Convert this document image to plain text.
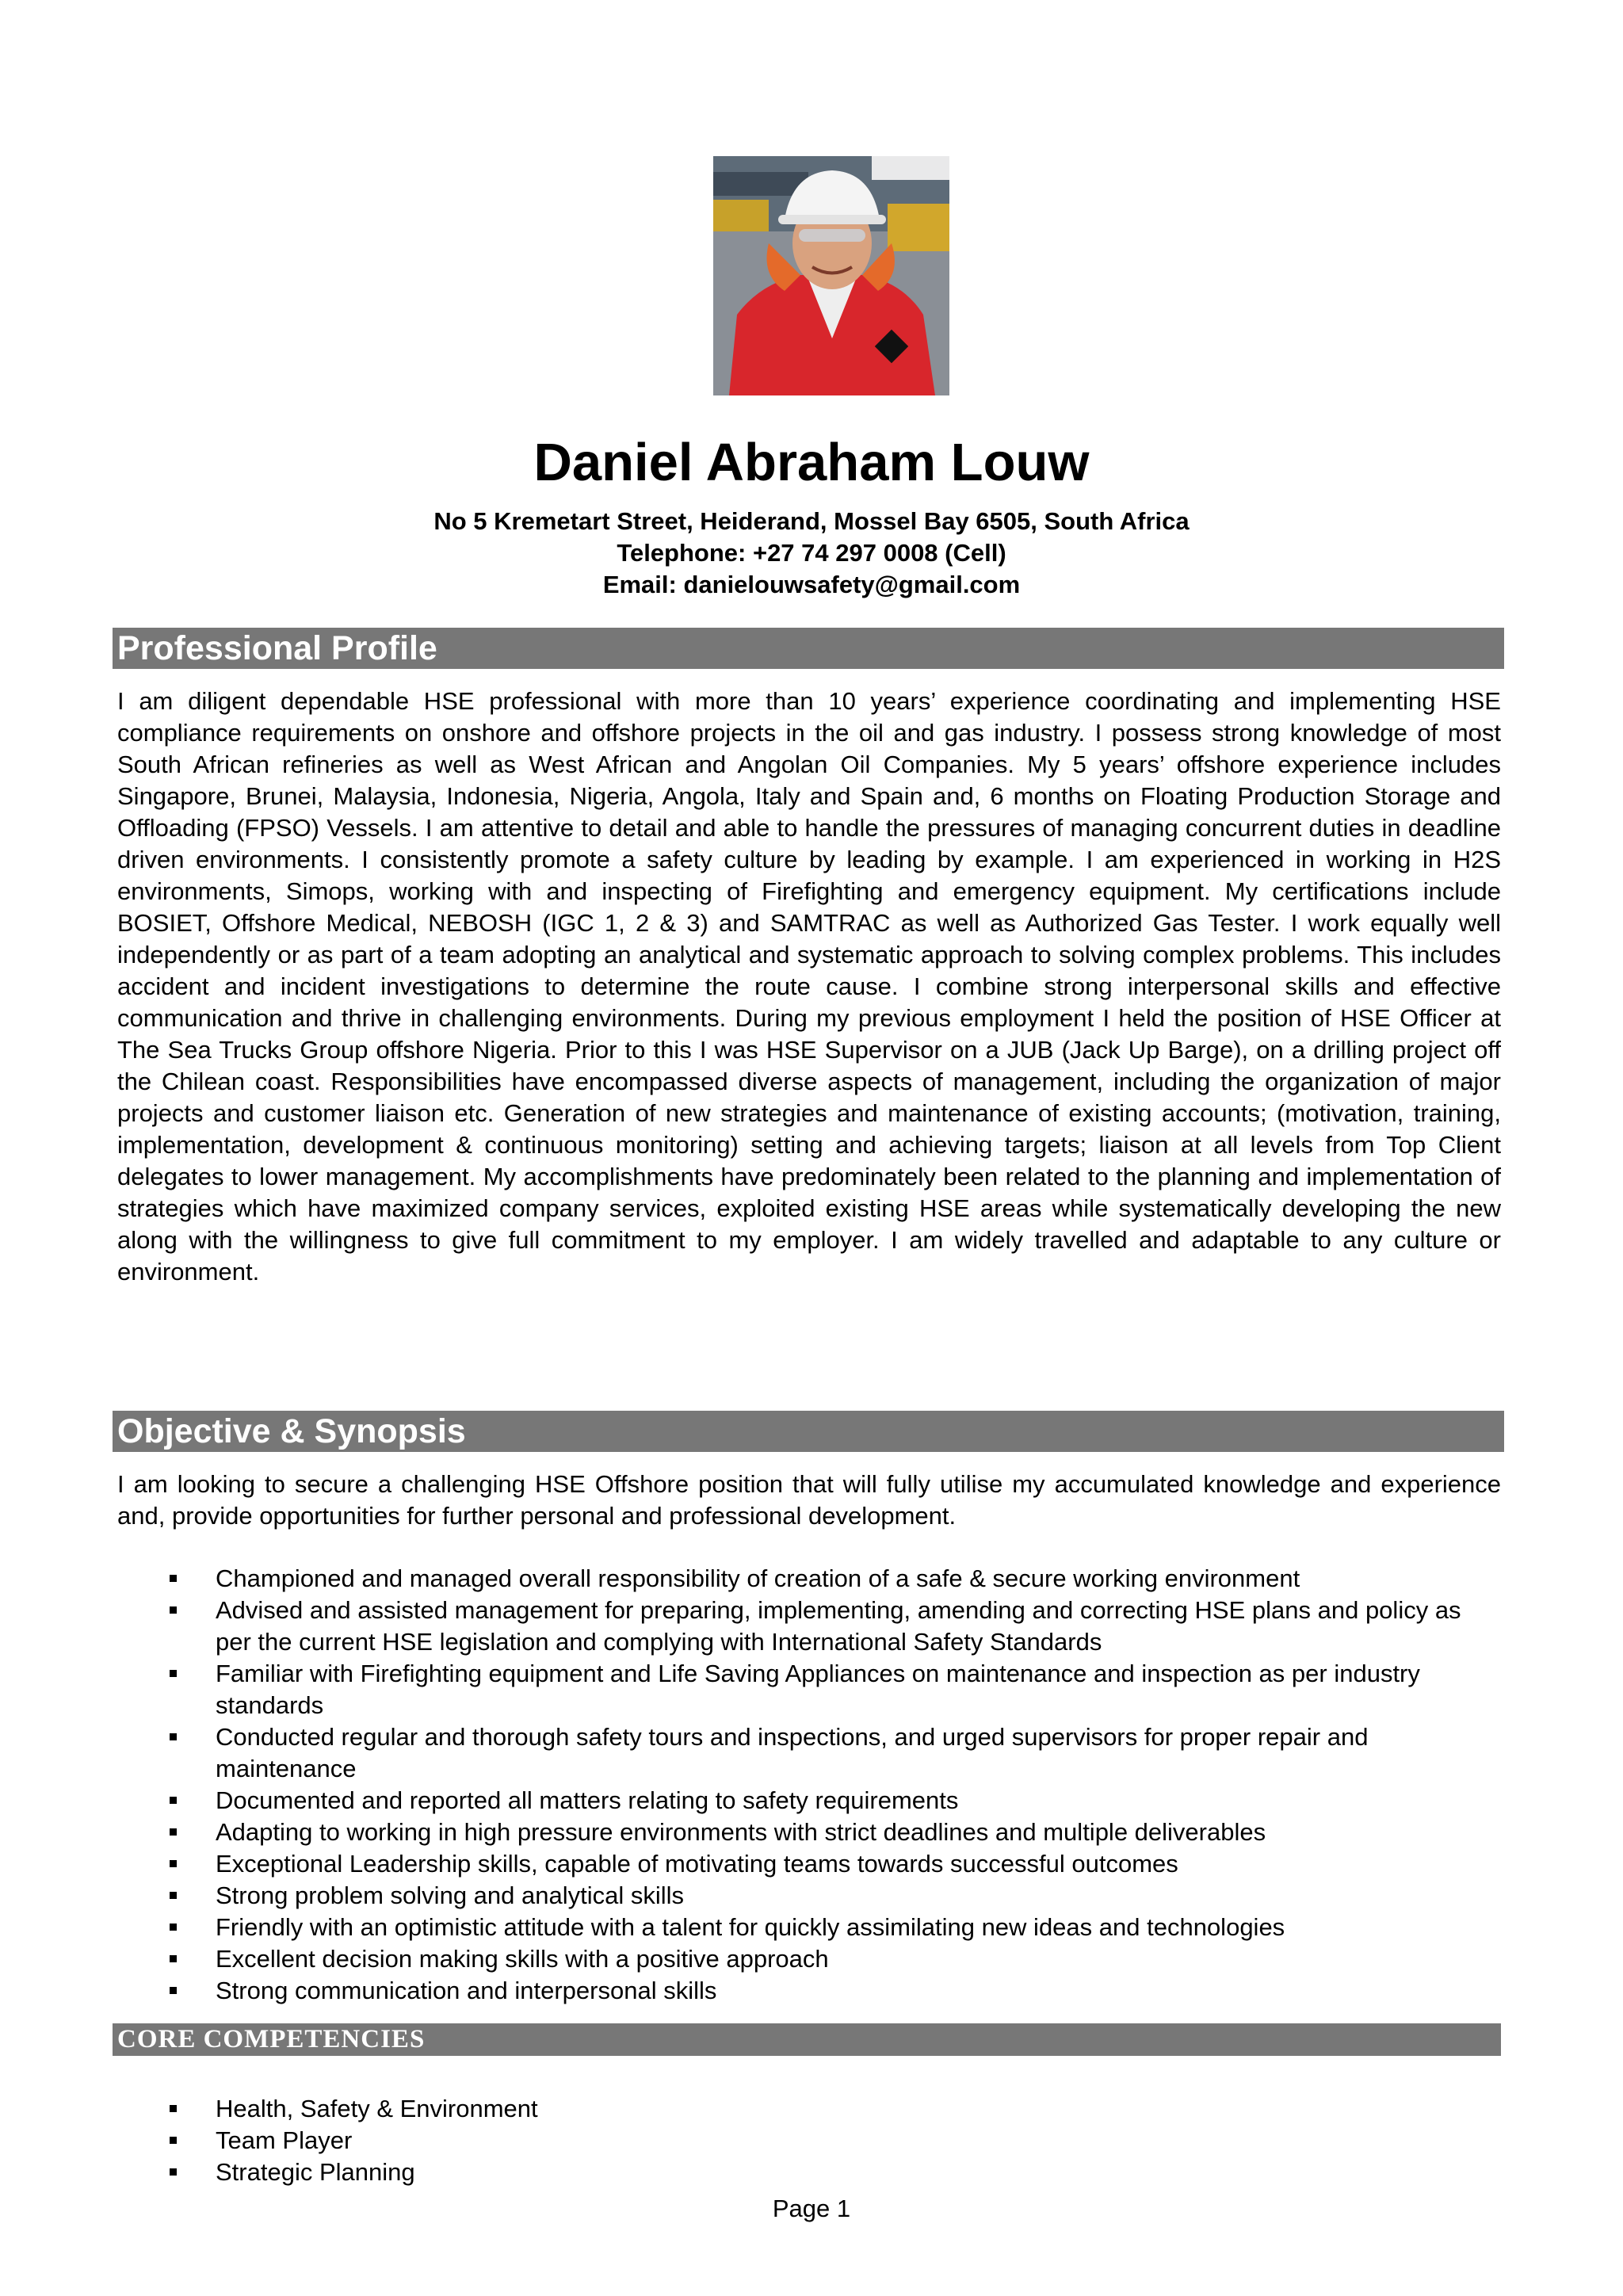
Daniel Abraham Louw
No 5 Kremetart Street, Heiderand, Mossel Bay 6505, South Africa
Telephone: +27 74 297 0008 (Cell)
Email: danielouwsafety@gmail.com
Professional Profile
I am diligent dependable HSE professional with more than 10 years’ experience coordinating and implementing HSE compliance requirements on onshore and offshore projects in the oil and gas industry. I possess strong knowledge of most South African refineries as well as West African and Angolan Oil Companies. My 5 years’ offshore experience includes Singapore, Brunei, Malaysia, Indonesia, Nigeria, Angola, Italy and Spain and, 6 months on Floating Production Storage and Offloading (FPSO) Vessels. I am attentive to detail and able to handle the pressures of managing concurrent duties in deadline driven environments. I consistently promote a safety culture by leading by example. I am experienced in working in H2S environments, Simops, working with and inspecting of Firefighting and emergency equipment. My certifications include BOSIET, Offshore Medical, NEBOSH (IGC 1, 2 & 3) and SAMTRAC as well as Authorized Gas Tester. I work equally well independently or as part of a team adopting an analytical and systematic approach to solving complex problems. This includes accident and incident investigations to determine the route cause. I combine strong interpersonal skills and effective communication and thrive in challenging environments. During my previous employment I held the position of HSE Officer at The Sea Trucks Group offshore Nigeria. Prior to this I was HSE Supervisor on a JUB (Jack Up Barge), on a drilling project off the Chilean coast. Responsibilities have encompassed diverse aspects of management, including the organization of major projects and customer liaison etc. Generation of new strategies and maintenance of existing accounts; (motivation, training, implementation, development & continuous monitoring) setting and achieving targets; liaison at all levels from Top Client delegates to lower management. My accomplishments have predominately been related to the planning and implementation of strategies which have maximized company services, exploited existing HSE areas while systematically developing the new along with the willingness to give full commitment to my employer. I am widely travelled and adaptable to any culture or environment.
Objective & Synopsis
I am looking to secure a challenging HSE Offshore position that will fully utilise my accumulated knowledge and experience and, provide opportunities for further personal and professional development.
Championed and managed overall responsibility of creation of a safe & secure working environment
Advised and assisted management for preparing, implementing, amending and correcting HSE plans and policy as per the current HSE legislation and complying with International Safety Standards
Familiar with Firefighting equipment and Life Saving Appliances on maintenance and inspection as per industry standards
Conducted regular and thorough safety tours and inspections, and urged supervisors for proper repair and maintenance
Documented and reported all matters relating to safety requirements
Adapting to working in high pressure environments with strict deadlines and multiple deliverables
Exceptional Leadership skills, capable of motivating teams towards successful outcomes
Strong problem solving and analytical skills
Friendly with an optimistic attitude with a talent for quickly assimilating new ideas and technologies
Excellent decision making skills with a positive approach
Strong communication and interpersonal skills
CORE COMPETENCIES
Health, Safety & Environment
Team Player
Strategic Planning
Page 1
